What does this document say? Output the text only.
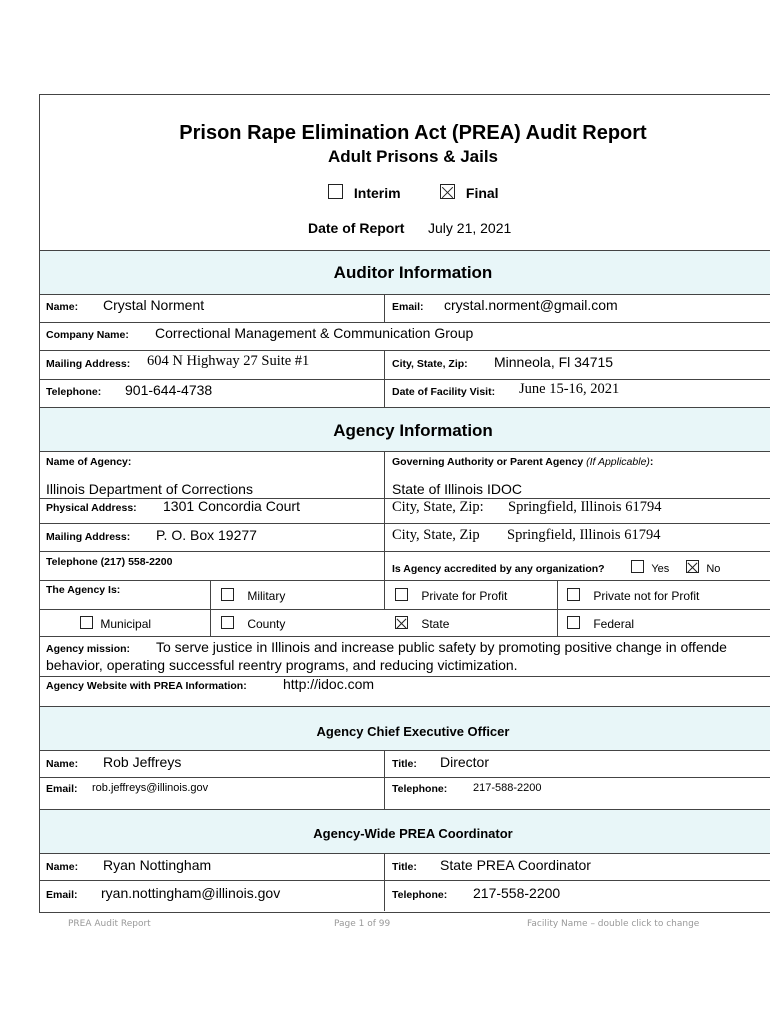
Prison Rape Elimination Act (PREA) Audit Report
Adult Prisons & Jails
Interim	Final
Date of Report July 21, 2021
Auditor Information
Name: Crystal Norment	Email: crystal.norment@gmail.com
Company Name: Correctional Management & Communication Group
Mailing Address: 604 N Highway 27 Suite #1	City, State, Zip: Minneola, Fl 34715
Telephone: 901-644-4738	Date of Facility Visit: June 15-16, 2021
Agency Information
Name of Agency:
Illinois Department of Corrections
Governing Authority or Parent Agency (If Applicable):
State of Illinois IDOC
Physical Address: 1301 Concordia Court	City, State, Zip: Springfield, Illinois 61794
Mailing Address: P. O. Box 19277	City, State, Zip Springfield, Illinois 61794
Telephone (217) 558-2200
Is Agency accredited by any organization?	Yes	No
The Agency Is:	Military	Private for Profit	Private not for Profit
Municipal	County	State	Federal
Agency mission: To serve justice in Illinois and increase public safety by promoting positive change in offende
behavior, operating successful reentry programs, and reducing victimization.
Agency Website with PREA Information:	http://idoc.com
Agency Chief Executive Officer
Name: Rob Jeffreys	Title: Director
Email: rob.jeffreys@illinois.gov	Telephone: 217-588-2200
Agency-Wide PREA Coordinator
Name: Ryan Nottingham	Title: State PREA Coordinator
Email: ryan.nottingham@illinois.gov	Telephone: 217-558-2200
PREA Audit Report	Page 1 of 99	Facility Name – double click to change
